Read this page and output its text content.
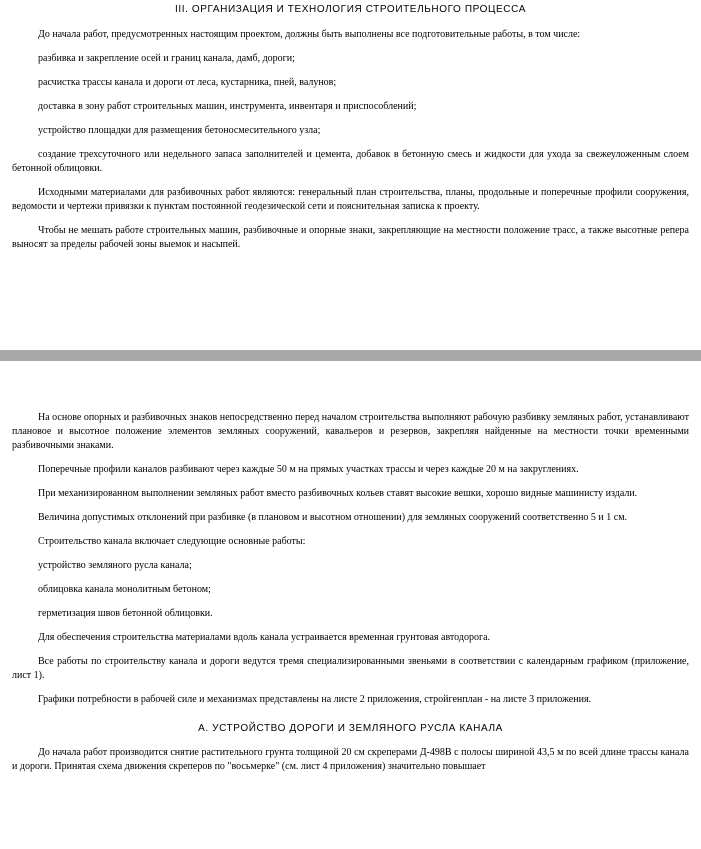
III. ОРГАНИЗАЦИЯ И ТЕХНОЛОГИЯ СТРОИТЕЛЬНОГО ПРОЦЕССА

До начала работ, предусмотренных настоящим проектом, должны быть выполнены все подготовительные работы, в том числе:

разбивка и закрепление осей и границ канала, дамб, дороги;

расчистка трассы канала и дороги от леса, кустарника, пней, валунов;

доставка в зону работ строительных машин, инструмента, инвентаря и приспособлений;

устройство площадки для размещения бетоносмесительного узла;

создание трехсуточного или недельного запаса заполнителей и цемента, добавок в бетонную смесь и жидкости для ухода за свежеуложенным слоем бетонной облицовки.

Исходными материалами для разбивочных работ являются: генеральный план строительства, планы, продольные и поперечные профили сооружения, ведомости и чертежи привязки к пунктам постоянной геодезической сети и пояснительная записка к проекту.

Чтобы не мешать работе строительных машин, разбивочные и опорные знаки, закрепляющие на местности положение трасс, а также высотные репера выносят за пределы рабочей зоны выемок и насыпей.

На основе опорных и разбивочных знаков непосредственно перед началом строительства выполняют рабочую разбивку земляных работ, устанавливают плановое и высотное положение элементов земляных сооружений, кавальеров и резервов, закрепляя найденные на местности точки временными разбивочными знаками.

Поперечные профили каналов разбивают через каждые 50 м на прямых участках трассы и через каждые 20 м на закруглениях.

При механизированном выполнении земляных работ вместо разбивочных кольев ставят высокие вешки, хорошо видные машинисту издали.

Величина допустимых отклонений при разбивке (в плановом и высотном отношении) для земляных сооружений соответственно 5 и 1 см.

Строительство канала включает следующие основные работы:

устройство земляного русла канала;

облицовка канала монолитным бетоном;

герметизация швов бетонной облицовки.

Для обеспечения строительства материалами вдоль канала устраивается временная грунтовая автодорога.

Все работы по строительству канала и дороги ведутся тремя специализированными звеньями в соответствии с календарным графиком (приложение, лист 1).

Графики потребности в рабочей силе и механизмах представлены на листе 2 приложения, стройгенплан - на листе 3 приложения.

А. УСТРОЙСТВО ДОРОГИ И ЗЕМЛЯНОГО РУСЛА КАНАЛА

До начала работ производится снятие растительного грунта толщиной 20 см скреперами Д-498В с полосы шириной 43,5 м по всей длине трассы канала и дороги. Принятая схема движения скреперов по "восьмерке" (см. лист 4 приложения) значительно повышает
